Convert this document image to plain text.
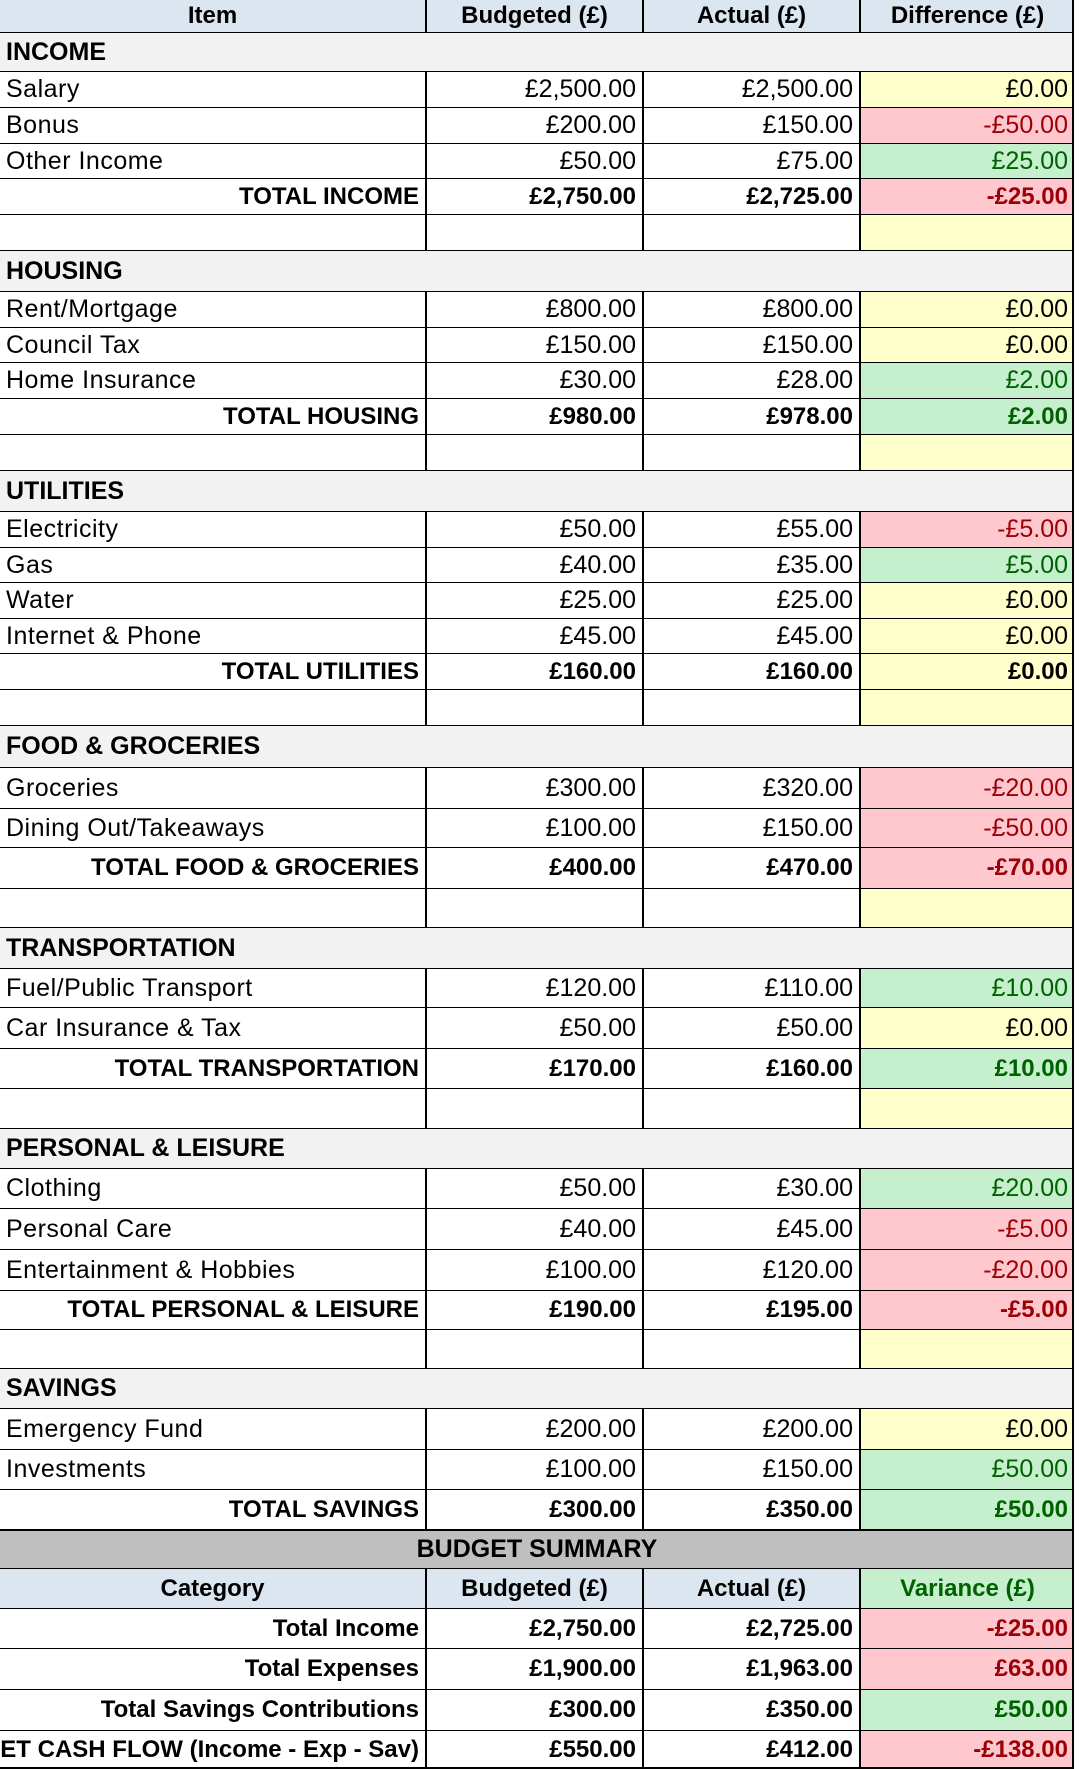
Item	Budgeted (£)	Actual (£)	Difference (£)
INCOME
Salary	£2,500.00	£2,500.00	£0.00
Bonus	£200.00	£150.00	-£50.00
Other Income	£50.00	£75.00	£25.00
TOTAL INCOME	£2,750.00	£2,725.00	-£25.00
HOUSING
Rent/Mortgage	£800.00	£800.00	£0.00
Council Tax	£150.00	£150.00	£0.00
Home Insurance	£30.00	£28.00	£2.00
TOTAL HOUSING	£980.00	£978.00	£2.00
UTILITIES
Electricity	£50.00	£55.00	-£5.00
Gas	£40.00	£35.00	£5.00
Water	£25.00	£25.00	£0.00
Internet & Phone	£45.00	£45.00	£0.00
TOTAL UTILITIES	£160.00	£160.00	£0.00
FOOD & GROCERIES
Groceries	£300.00	£320.00	-£20.00
Dining Out/Takeaways	£100.00	£150.00	-£50.00
TOTAL FOOD & GROCERIES	£400.00	£470.00	-£70.00
TRANSPORTATION
Fuel/Public Transport	£120.00	£110.00	£10.00
Car Insurance & Tax	£50.00	£50.00	£0.00
TOTAL TRANSPORTATION	£170.00	£160.00	£10.00
PERSONAL & LEISURE
Clothing	£50.00	£30.00	£20.00
Personal Care	£40.00	£45.00	-£5.00
Entertainment & Hobbies	£100.00	£120.00	-£20.00
TOTAL PERSONAL & LEISURE	£190.00	£195.00	-£5.00
SAVINGS
Emergency Fund	£200.00	£200.00	£0.00
Investments	£100.00	£150.00	£50.00
TOTAL SAVINGS	£300.00	£350.00	£50.00
BUDGET SUMMARY
Category	Budgeted (£)	Actual (£)	Variance (£)
Total Income	£2,750.00	£2,725.00	-£25.00
Total Expenses	£1,900.00	£1,963.00	£63.00
Total Savings Contributions	£300.00	£350.00	£50.00
ET CASH FLOW (Income - Exp - Sav)	£550.00	£412.00	-£138.00
